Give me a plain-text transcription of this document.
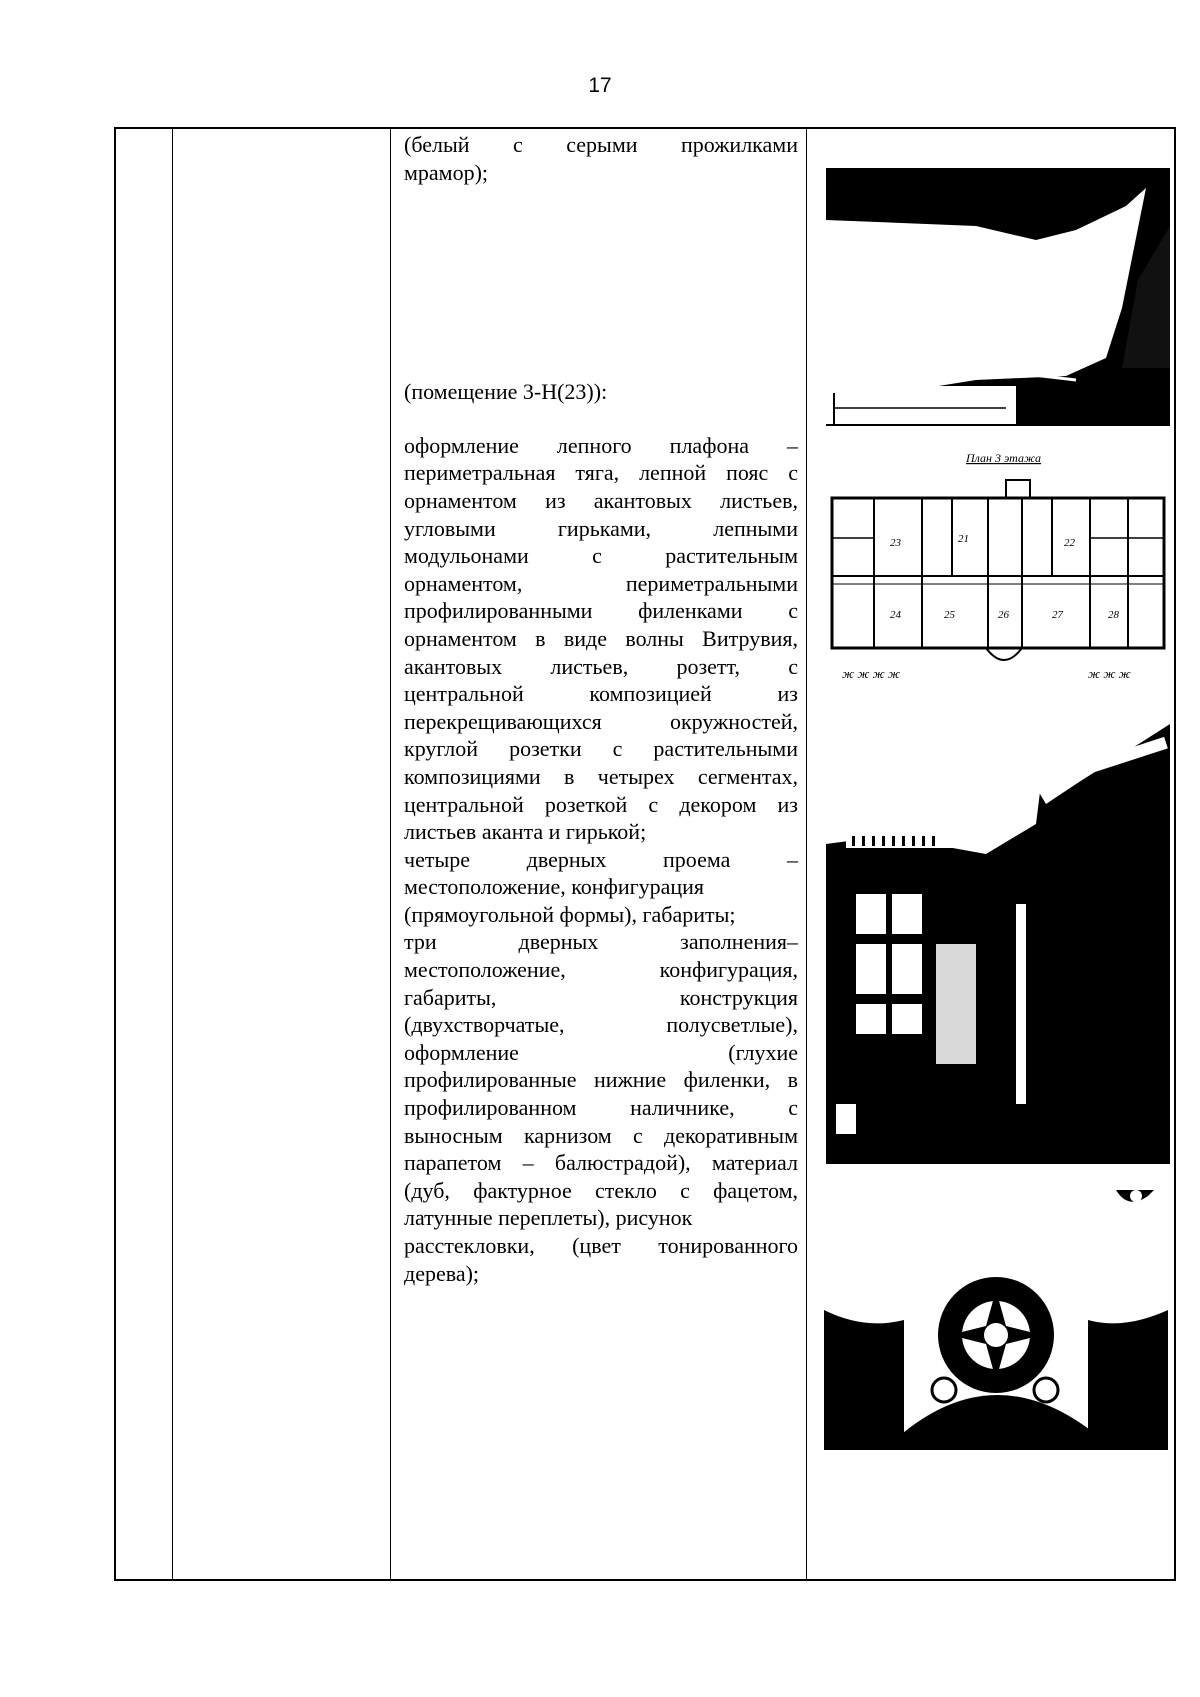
17

(белый с серыми прожилками

мрамор);

(помещение 3-Н(23)):

оформление лепного плафона –

периметральная тяга, лепной пояс с

орнаментом из акантовых листьев,

угловыми гирьками, лепными

модульонами с растительным

орнаментом, периметральными

профилированными филенками с

орнаментом в виде волны Витрувия,

акантовых листьев, розетт, с

центральной композицией из

перекрещивающихся окружностей,

круглой розетки с растительными

композициями в четырех сегментах,

центральной розеткой с декором из

листьев аканта и гирькой;

четыре дверных проема –

местоположение, конфигурация

(прямоугольной формы), габариты;

три дверных заполнения–

местоположение, конфигурация,

габариты, конструкция

(двухстворчатые, полусветлые),

оформление (глухие

профилированные нижние филенки, в

профилированном наличнике, с

выносным карнизом с декоративным

парапетом – балюстрадой), материал

(дуб, фактурное стекло с фацетом,

латунные переплеты), рисунок

расстекловки, (цвет тонированного

дерева);

План 3 этажа
23	21	22
24	25	26	27	28
ж ж ж ж	ж ж ж
